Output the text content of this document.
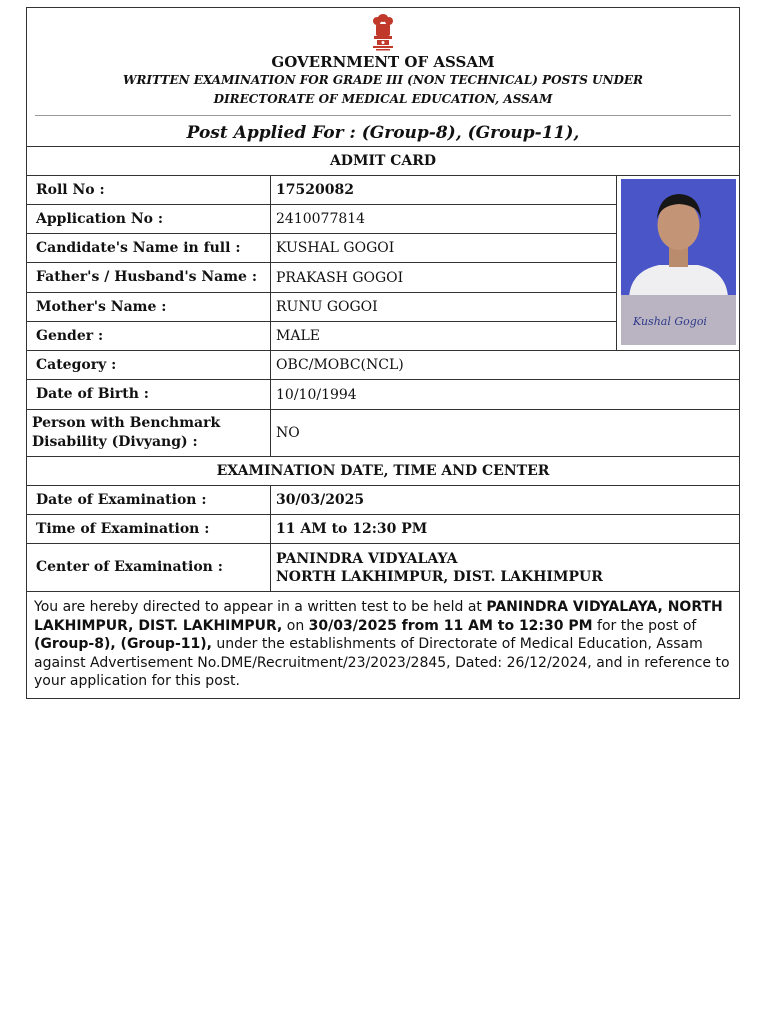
GOVERNMENT OF ASSAM
WRITTEN EXAMINATION FOR GRADE III (NON TECHNICAL) POSTS UNDER
DIRECTORATE OF MEDICAL EDUCATION, ASSAM
Post Applied For : (Group-8), (Group-11),
ADMIT CARD
Roll No :	17520082
Application No :	2410077814
Candidate's Name in full :	KUSHAL GOGOI
Father's / Husband's Name :	PRAKASH GOGOI
Mother's Name :	RUNU GOGOI
Gender :	MALE
Kushal Gogoi
Category :	OBC/MOBC(NCL)
Date of Birth :	10/10/1994
Person with Benchmark Disability (Divyang) :
NO
EXAMINATION DATE, TIME AND CENTER
Date of Examination :	30/03/2025
Time of Examination :	11 AM to 12:30 PM
Center of Examination :
PANINDRA VIDYALAYA
NORTH LAKHIMPUR, DIST. LAKHIMPUR
You are hereby directed to appear in a written test to be held at PANINDRA VIDYALAYA, NORTH LAKHIMPUR, DIST. LAKHIMPUR, on 30/03/2025 from 11 AM to 12:30 PM for the post of (Group-8), (Group-11), under the establishments of Directorate of Medical Education, Assam against Advertisement No.DME/Recruitment/23/2023/2845, Dated: 26/12/2024, and in reference to your application for this post.
